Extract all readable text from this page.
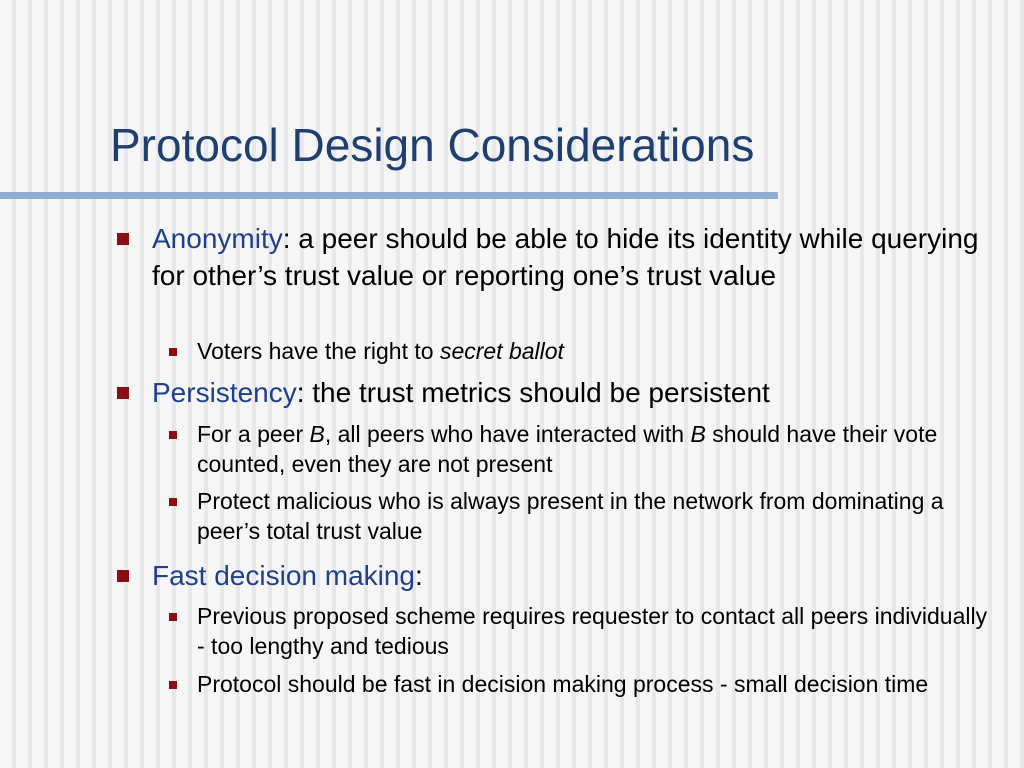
Protocol Design Considerations

Anonymity: a peer should be able to hide its identity while querying for other’s trust value or reporting one’s trust value

Voters have the right to secret ballot

Persistency: the trust metrics should be persistent

For a peer B, all peers who have interacted with B should have their vote counted, even they are not present

Protect malicious who is always present in the network from dominating a peer’s total trust value

Fast decision making:

Previous proposed scheme requires requester to contact all peers individually - too lengthy and tedious

Protocol should be fast in decision making process - small decision time
